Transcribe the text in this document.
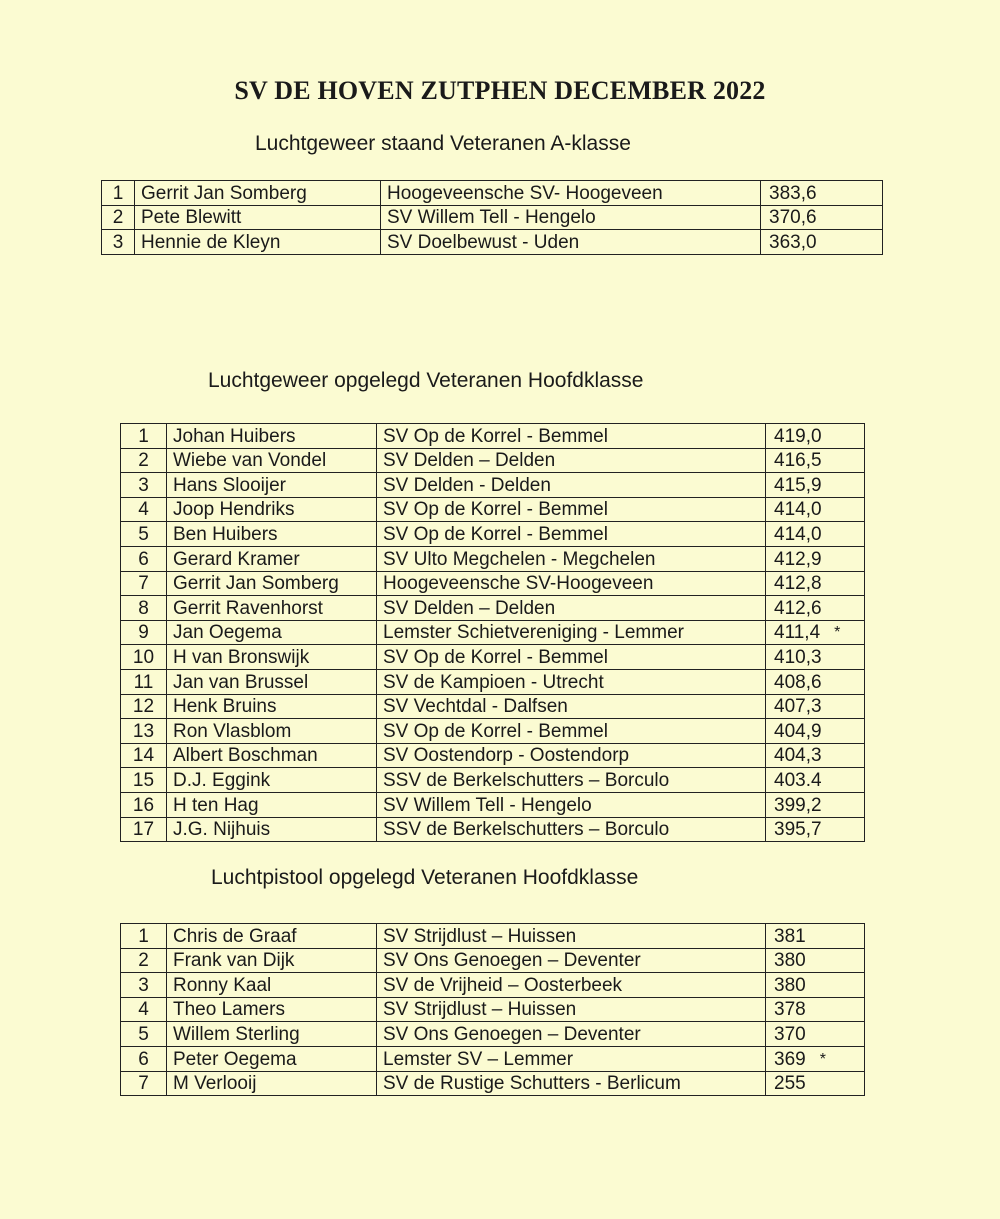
SV DE HOVEN ZUTPHEN DECEMBER 2022
Luchtgeweer staand Veteranen A-klasse
1	Gerrit Jan Somberg	Hoogeveensche SV- Hoogeveen	383,6
2	Pete Blewitt	SV Willem Tell - Hengelo	370,6
3	Hennie de Kleyn	SV Doelbewust - Uden	363,0
Luchtgeweer opgelegd Veteranen Hoofdklasse
1	Johan Huibers	SV Op de Korrel - Bemmel	419,0
2	Wiebe van Vondel	SV Delden – Delden	416,5
3	Hans Slooijer	SV Delden - Delden	415,9
4	Joop Hendriks	SV Op de Korrel - Bemmel	414,0
5	Ben Huibers	SV Op de Korrel - Bemmel	414,0
6	Gerard Kramer	SV Ulto Megchelen - Megchelen	412,9
7	Gerrit Jan Somberg	Hoogeveensche SV-Hoogeveen	412,8
8	Gerrit Ravenhorst	SV Delden – Delden	412,6
9	Jan Oegema	Lemster Schietvereniging - Lemmer	411,4 *
10	H van Bronswijk	SV Op de Korrel - Bemmel	410,3
11	Jan van Brussel	SV de Kampioen - Utrecht	408,6
12	Henk Bruins	SV Vechtdal - Dalfsen	407,3
13	Ron Vlasblom	SV Op de Korrel - Bemmel	404,9
14	Albert Boschman	SV Oostendorp - Oostendorp	404,3
15	D.J. Eggink	SSV de Berkelschutters – Borculo	403.4
16	H ten Hag	SV Willem Tell - Hengelo	399,2
17	J.G. Nijhuis	SSV de Berkelschutters – Borculo	395,7
Luchtpistool opgelegd Veteranen Hoofdklasse
1	Chris de Graaf	SV Strijdlust – Huissen	381
2	Frank van Dijk	SV Ons Genoegen – Deventer	380
3	Ronny Kaal	SV de Vrijheid – Oosterbeek	380
4	Theo Lamers	SV Strijdlust – Huissen	378
5	Willem Sterling	SV Ons Genoegen – Deventer	370
6	Peter Oegema	Lemster SV – Lemmer	369 *
7	M Verlooij	SV de Rustige Schutters - Berlicum	255
